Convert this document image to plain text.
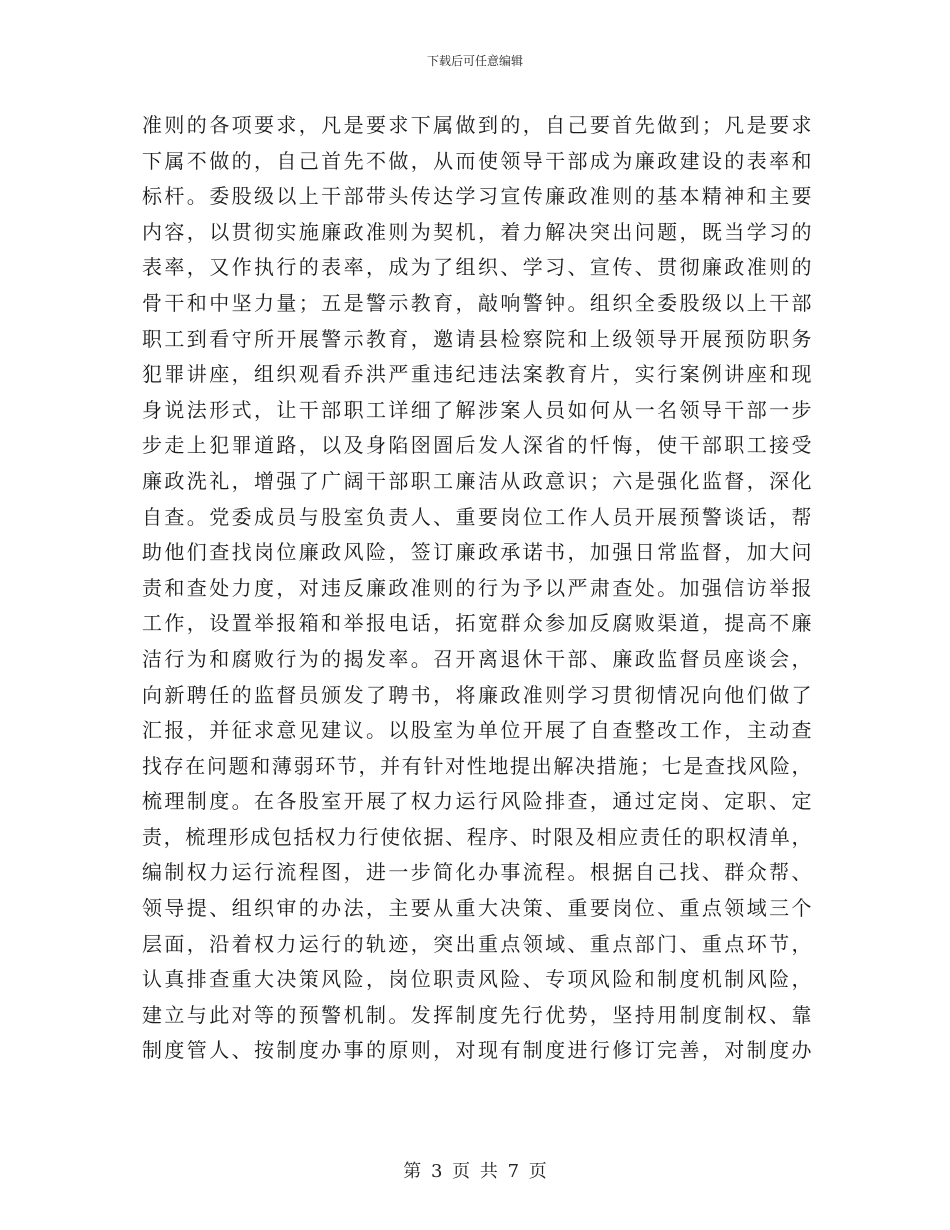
下载后可任意编辑
准则的各项要求，凡是要求下属做到的，自己要首先做到；凡是要求
下属不做的，自己首先不做，从而使领导干部成为廉政建设的表率和
标杆。委股级以上干部带头传达学习宣传廉政准则的基本精神和主要
内容，以贯彻实施廉政准则为契机，着力解决突出问题，既当学习的
表率，又作执行的表率，成为了组织、学习、宣传、贯彻廉政准则的
骨干和中坚力量；五是警示教育，敲响警钟。组织全委股级以上干部
职工到看守所开展警示教育，邀请县检察院和上级领导开展预防职务
犯罪讲座，组织观看乔洪严重违纪违法案教育片，实行案例讲座和现
身说法形式，让干部职工详细了解涉案人员如何从一名领导干部一步
步走上犯罪道路，以及身陷囹圄后发人深省的忏悔，使干部职工接受
廉政洗礼，增强了广阔干部职工廉洁从政意识；六是强化监督，深化
自查。党委成员与股室负责人、重要岗位工作人员开展预警谈话，帮
助他们查找岗位廉政风险，签订廉政承诺书，加强日常监督，加大问
责和查处力度，对违反廉政准则的行为予以严肃查处。加强信访举报
工作，设置举报箱和举报电话，拓宽群众参加反腐败渠道，提高不廉
洁行为和腐败行为的揭发率。召开离退休干部、廉政监督员座谈会，
向新聘任的监督员颁发了聘书，将廉政准则学习贯彻情况向他们做了
汇报，并征求意见建议。以股室为单位开展了自查整改工作，主动查
找存在问题和薄弱环节，并有针对性地提出解决措施；七是查找风险，
梳理制度。在各股室开展了权力运行风险排查，通过定岗、定职、定
责，梳理形成包括权力行使依据、程序、时限及相应责任的职权清单，
编制权力运行流程图，进一步简化办事流程。根据自己找、群众帮、
领导提、组织审的办法，主要从重大决策、重要岗位、重点领域三个
层面，沿着权力运行的轨迹，突出重点领域、重点部门、重点环节，
认真排查重大决策风险，岗位职责风险、专项风险和制度机制风险，
建立与此对等的预警机制。发挥制度先行优势，坚持用制度制权、靠
制度管人、按制度办事的原则，对现有制度进行修订完善，对制度办
第 3 页 共 7 页
